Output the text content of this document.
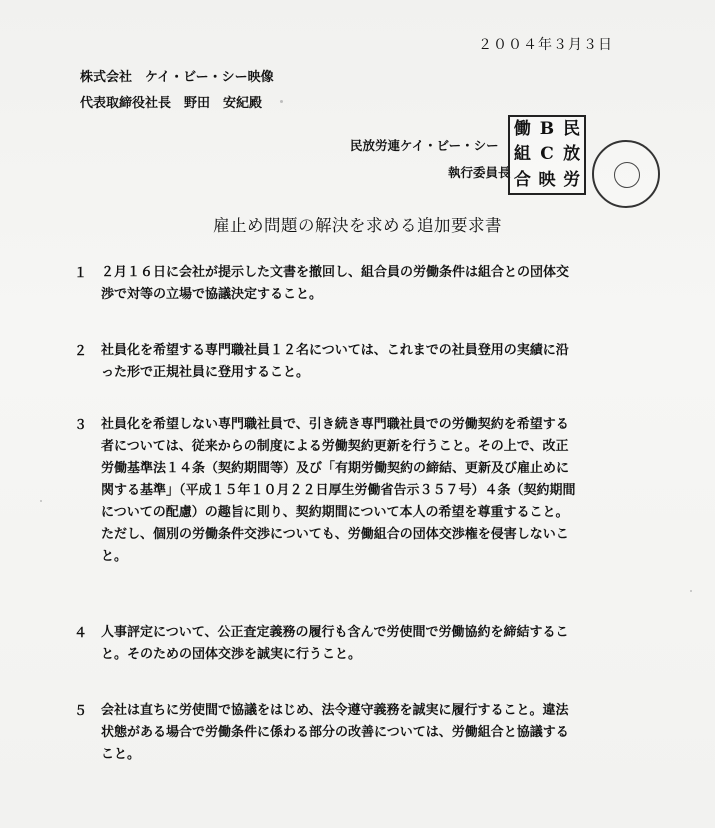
２００４年３月３日
株式会社　ケイ・ビー・シー映像
代表取締役社長　野田　安紀殿
民放労連ケイ・ビー・シー
執行委員長
働 B 民
組 C 放
合 映 労
雇止め問題の解決を求める追加要求書
１	２月１６日に会社が提示した文書を撤回し、組合員の労働条件は組合との団体交
渉で対等の立場で協議決定すること。
２	社員化を希望する専門職社員１２名については、これまでの社員登用の実績に沿
った形で正規社員に登用すること。
３	社員化を希望しない専門職社員で、引き続き専門職社員での労働契約を希望する
者については、従来からの制度による労働契約更新を行うこと。その上で、改正
労働基準法１４条（契約期間等）及び「有期労働契約の締結、更新及び雇止めに
関する基準」（平成１５年１０月２２日厚生労働省告示３５７号）４条（契約期間
についての配慮）の趣旨に則り、契約期間について本人の希望を尊重すること。
ただし、個別の労働条件交渉についても、労働組合の団体交渉権を侵害しないこ
と。
４	人事評定について、公正査定義務の履行も含んで労使間で労働協約を締結するこ
と。そのための団体交渉を誠実に行うこと。
５	会社は直ちに労使間で協議をはじめ、法令遵守義務を誠実に履行すること。違法
状態がある場合で労働条件に係わる部分の改善については、労働組合と協議する
こと。
